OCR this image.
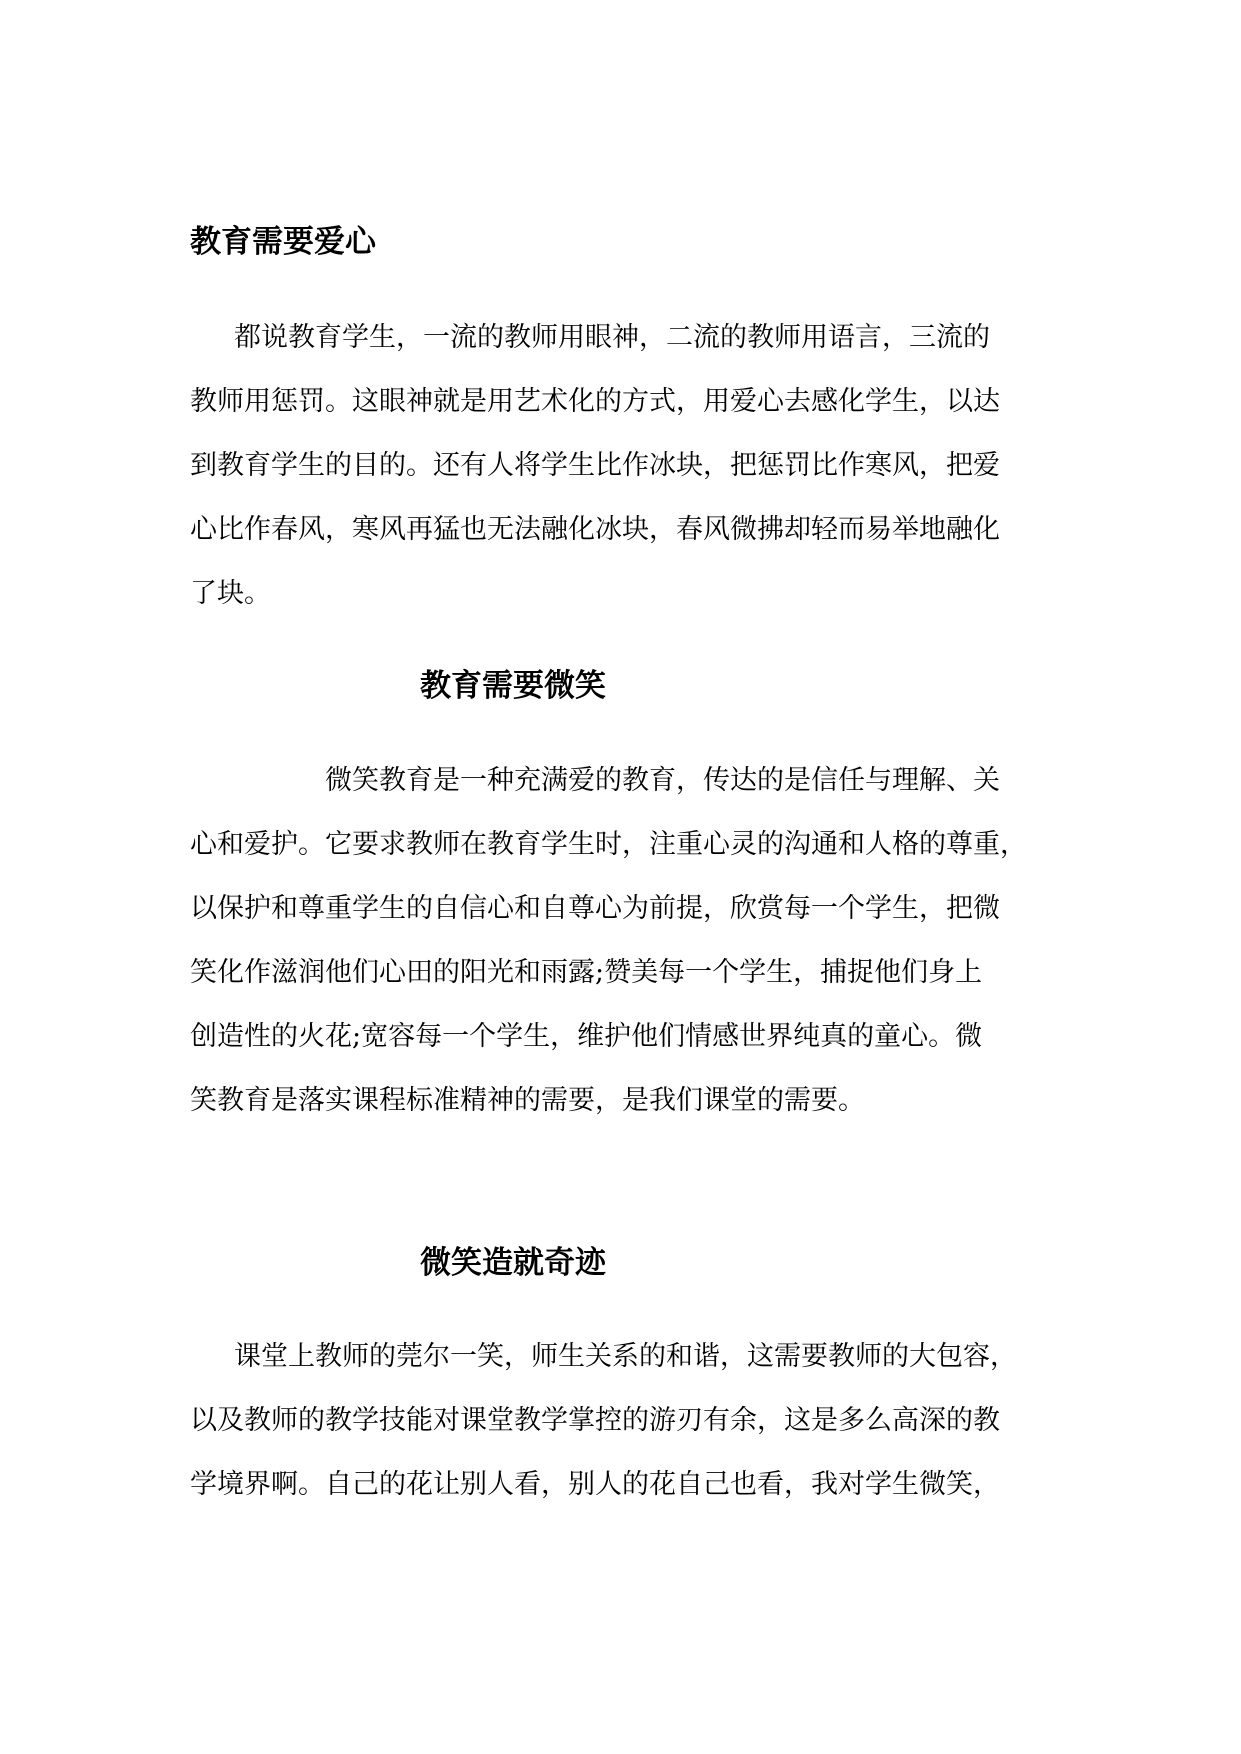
教育需要爱心

都说教育学生，一流的教师用眼神，二流的教师用语言，三流的

教师用惩罚。这眼神就是用艺术化的方式，用爱心去感化学生，以达

到教育学生的目的。还有人将学生比作冰块，把惩罚比作寒风，把爱

心比作春风，寒风再猛也无法融化冰块，春风微拂却轻而易举地融化

了块。

教育需要微笑

微笑教育是一种充满爱的教育，传达的是信任与理解、关

心和爱护。它要求教师在教育学生时，注重心灵的沟通和人格的尊重，

以保护和尊重学生的自信心和自尊心为前提，欣赏每一个学生，把微

笑化作滋润他们心田的阳光和雨露;赞美每一个学生，捕捉他们身上

创造性的火花;宽容每一个学生，维护他们情感世界纯真的童心。微

笑教育是落实课程标准精神的需要，是我们课堂的需要。

微笑造就奇迹

课堂上教师的莞尔一笑，师生关系的和谐，这需要教师的大包容，

以及教师的教学技能对课堂教学掌控的游刃有余，这是多么高深的教

学境界啊。自己的花让别人看，别人的花自己也看，我对学生微笑，
